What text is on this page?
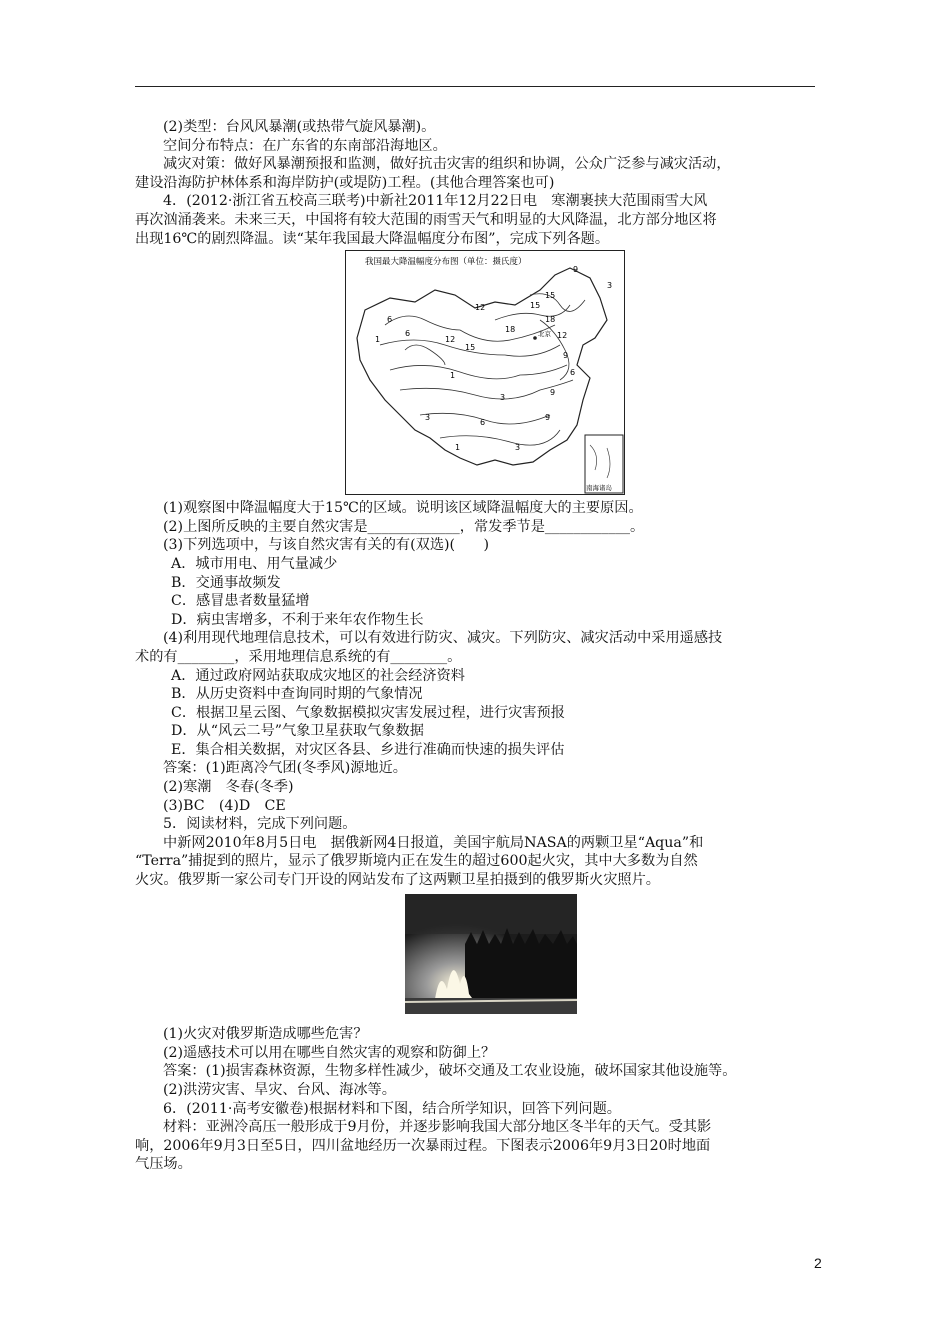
(2)类型：台风风暴潮(或热带气旋风暴潮)。
空间分布特点：在广东省的东南部沿海地区。
减灾对策：做好风暴潮预报和监测，做好抗击灾害的组织和协调，公众广泛参与减灾活动，
建设沿海防护林体系和海岸防护(或堤防)工程。(其他合理答案也可)
4．(2012·浙江省五校高三联考)中新社2011年12月22日电　寒潮裹挟大范围雨雪大风
再次汹涌袭来。未来三天，中国将有较大范围的雨雪天气和明显的大风降温，北方部分地区将
出现16℃的剧烈降温。读“某年我国最大降温幅度分布图”，完成下列各题。
我国最大降温幅度分布图（单位：摄氏度）
9
3
6
12
15
1
6
12
15
18
18
15
12
9
6
9
1
3
9
6
3
1
3
北京
南海诸岛
(1)观察图中降温幅度大于15℃的区域。说明该区域降温幅度大的主要原因。
(2)上图所反映的主要自然灾害是_____________，常发季节是____________。
(3)下列选项中，与该自然灾害有关的有(双选)(　　)
A．城市用电、用气量减少
B．交通事故频发
C．感冒患者数量猛增
D．病虫害增多，不利于来年农作物生长
(4)利用现代地理信息技术，可以有效进行防灾、减灾。下列防灾、减灾活动中采用遥感技
术的有________，采用地理信息系统的有________。
A．通过政府网站获取成灾地区的社会经济资料
B．从历史资料中查询同时期的气象情况
C．根据卫星云图、气象数据模拟灾害发展过程，进行灾害预报
D．从“风云二号”气象卫星获取气象数据
E．集合相关数据，对灾区各县、乡进行准确而快速的损失评估
答案：(1)距离冷气团(冬季风)源地近。
(2)寒潮　冬春(冬季)
(3)BC　(4)D　CE
5．阅读材料，完成下列问题。
中新网2010年8月5日电　据俄新网4日报道，美国宇航局NASA的两颗卫星“Aqua”和
“Terra”捕捉到的照片，显示了俄罗斯境内正在发生的超过600起火灾，其中大多数为自然
火灾。俄罗斯一家公司专门开设的网站发布了这两颗卫星拍摄到的俄罗斯火灾照片。
(1)火灾对俄罗斯造成哪些危害？
(2)遥感技术可以用在哪些自然灾害的观察和防御上？
答案：(1)损害森林资源，生物多样性减少，破坏交通及工农业设施，破坏国家其他设施等。
(2)洪涝灾害、旱灾、台风、海冰等。
6．(2011·高考安徽卷)根据材料和下图，结合所学知识，回答下列问题。
材料：亚洲冷高压一般形成于9月份，并逐步影响我国大部分地区冬半年的天气。受其影
响，2006年9月3日至5日，四川盆地经历一次暴雨过程。下图表示2006年9月3日20时地面
气压场。
2
